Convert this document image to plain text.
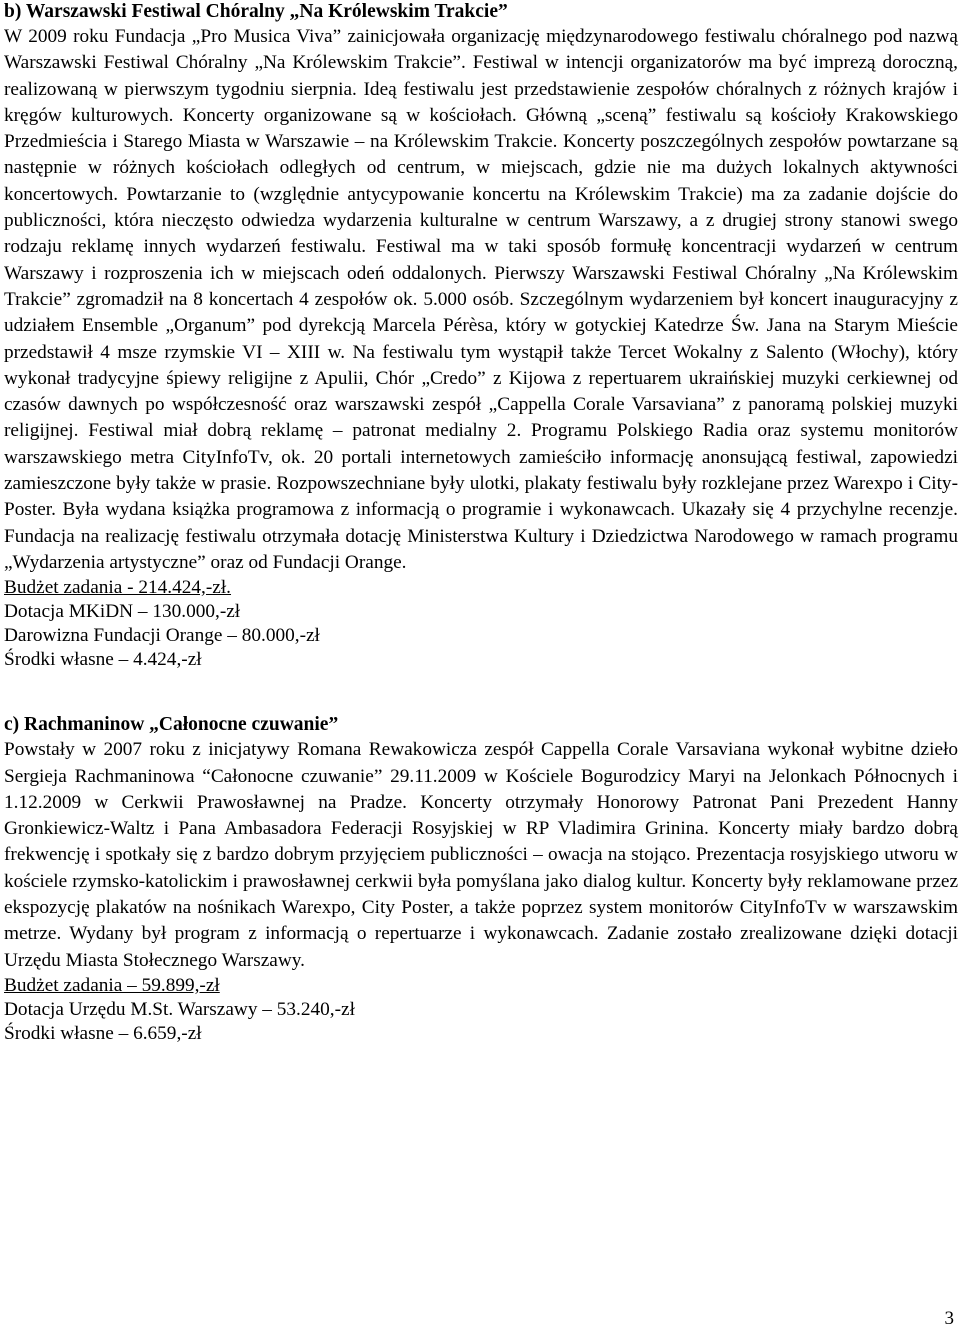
b) Warszawski Festiwal Chóralny „Na Królewskim Trakcie”

W 2009 roku Fundacja „Pro Musica Viva” zainicjowała organizację międzynarodowego festiwalu chóralnego pod nazwą Warszawski Festiwal Chóralny „Na Królewskim Trakcie”. Festiwal w intencji organizatorów ma być imprezą doroczną, realizowaną w pierwszym tygodniu sierpnia. Ideą festiwalu jest przedstawienie zespołów chóralnych z różnych krajów i kręgów kulturowych. Koncerty organizowane są w kościołach. Główną „sceną” festiwalu są kościoły Krakowskiego Przedmieścia i Starego Miasta w Warszawie – na Królewskim Trakcie. Koncerty poszczególnych zespołów powtarzane są następnie w różnych kościołach odległych od centrum, w miejscach, gdzie nie ma dużych lokalnych aktywności koncertowych. Powtarzanie to (względnie antycypowanie koncertu na Królewskim Trakcie) ma za zadanie dojście do publiczności, która nieczęsto odwiedza wydarzenia kulturalne w centrum Warszawy, a z drugiej strony stanowi swego rodzaju reklamę innych wydarzeń festiwalu. Festiwal ma w taki sposób formułę koncentracji wydarzeń w centrum Warszawy i rozproszenia ich w miejscach odeń oddalonych. Pierwszy Warszawski Festiwal Chóralny „Na Królewskim Trakcie” zgromadził na 8 koncertach 4 zespołów ok. 5.000 osób. Szczególnym wydarzeniem był koncert inauguracyjny z udziałem Ensemble „Organum” pod dyrekcją Marcela Pérèsa, który w gotyckiej Katedrze Św. Jana na Starym Mieście przedstawił 4 msze rzymskie VI – XIII w. Na festiwalu tym wystąpił także Tercet Wokalny z Salento (Włochy), który wykonał tradycyjne śpiewy religijne z Apulii, Chór „Credo” z Kijowa z repertuarem ukraińskiej muzyki cerkiewnej od czasów dawnych po współczesność oraz warszawski zespół „Cappella Corale Varsaviana” z panoramą polskiej muzyki religijnej. Festiwal miał dobrą reklamę – patronat medialny 2. Programu Polskiego Radia oraz systemu monitorów warszawskiego metra CityInfoTv, ok. 20 portali internetowych zamieściło informację anonsującą festiwal, zapowiedzi zamieszczone były także w prasie. Rozpowszechniane były ulotki, plakaty festiwalu były rozklejane przez Warexpo i City-Poster. Była wydana książka programowa z informacją o programie i wykonawcach. Ukazały się 4 przychylne recenzje. Fundacja na realizację festiwalu otrzymała dotację Ministerstwa Kultury i Dziedzictwa Narodowego w ramach programu „Wydarzenia artystyczne” oraz od Fundacji Orange.

Budżet zadania - 214.424,-zł.

Dotacja MKiDN – 130.000,-zł

Darowizna Fundacji Orange – 80.000,-zł

Środki własne – 4.424,-zł

c) Rachmaninow „Całonocne czuwanie”

Powstały w 2007 roku z inicjatywy Romana Rewakowicza zespół Cappella Corale Varsaviana wykonał wybitne dzieło Sergieja Rachmaninowa “Całonocne czuwanie” 29.11.2009 w Kościele Bogurodzicy Maryi na Jelonkach Północnych i 1.12.2009 w Cerkwii Prawosławnej na Pradze. Koncerty otrzymały Honorowy Patronat Pani Prezedent Hanny Gronkiewicz-Waltz i Pana Ambasadora Federacji Rosyjskiej w RP Vladimira Grinina. Koncerty miały bardzo dobrą frekwencję i spotkały się z bardzo dobrym przyjęciem publiczności – owacja na stojąco. Prezentacja rosyjskiego utworu w kościele rzymsko-katolickim i prawosławnej cerkwii była pomyślana jako dialog kultur. Koncerty były reklamowane przez ekspozycję plakatów na nośnikach Warexpo, City Poster, a także poprzez system monitorów CityInfoTv w warszawskim metrze. Wydany był program z informacją o repertuarze i wykonawcach. Zadanie zostało zrealizowane dzięki dotacji Urzędu Miasta Stołecznego Warszawy.

Budżet zadania – 59.899,-zł

Dotacja Urzędu M.St. Warszawy – 53.240,-zł

Środki własne – 6.659,-zł

3
